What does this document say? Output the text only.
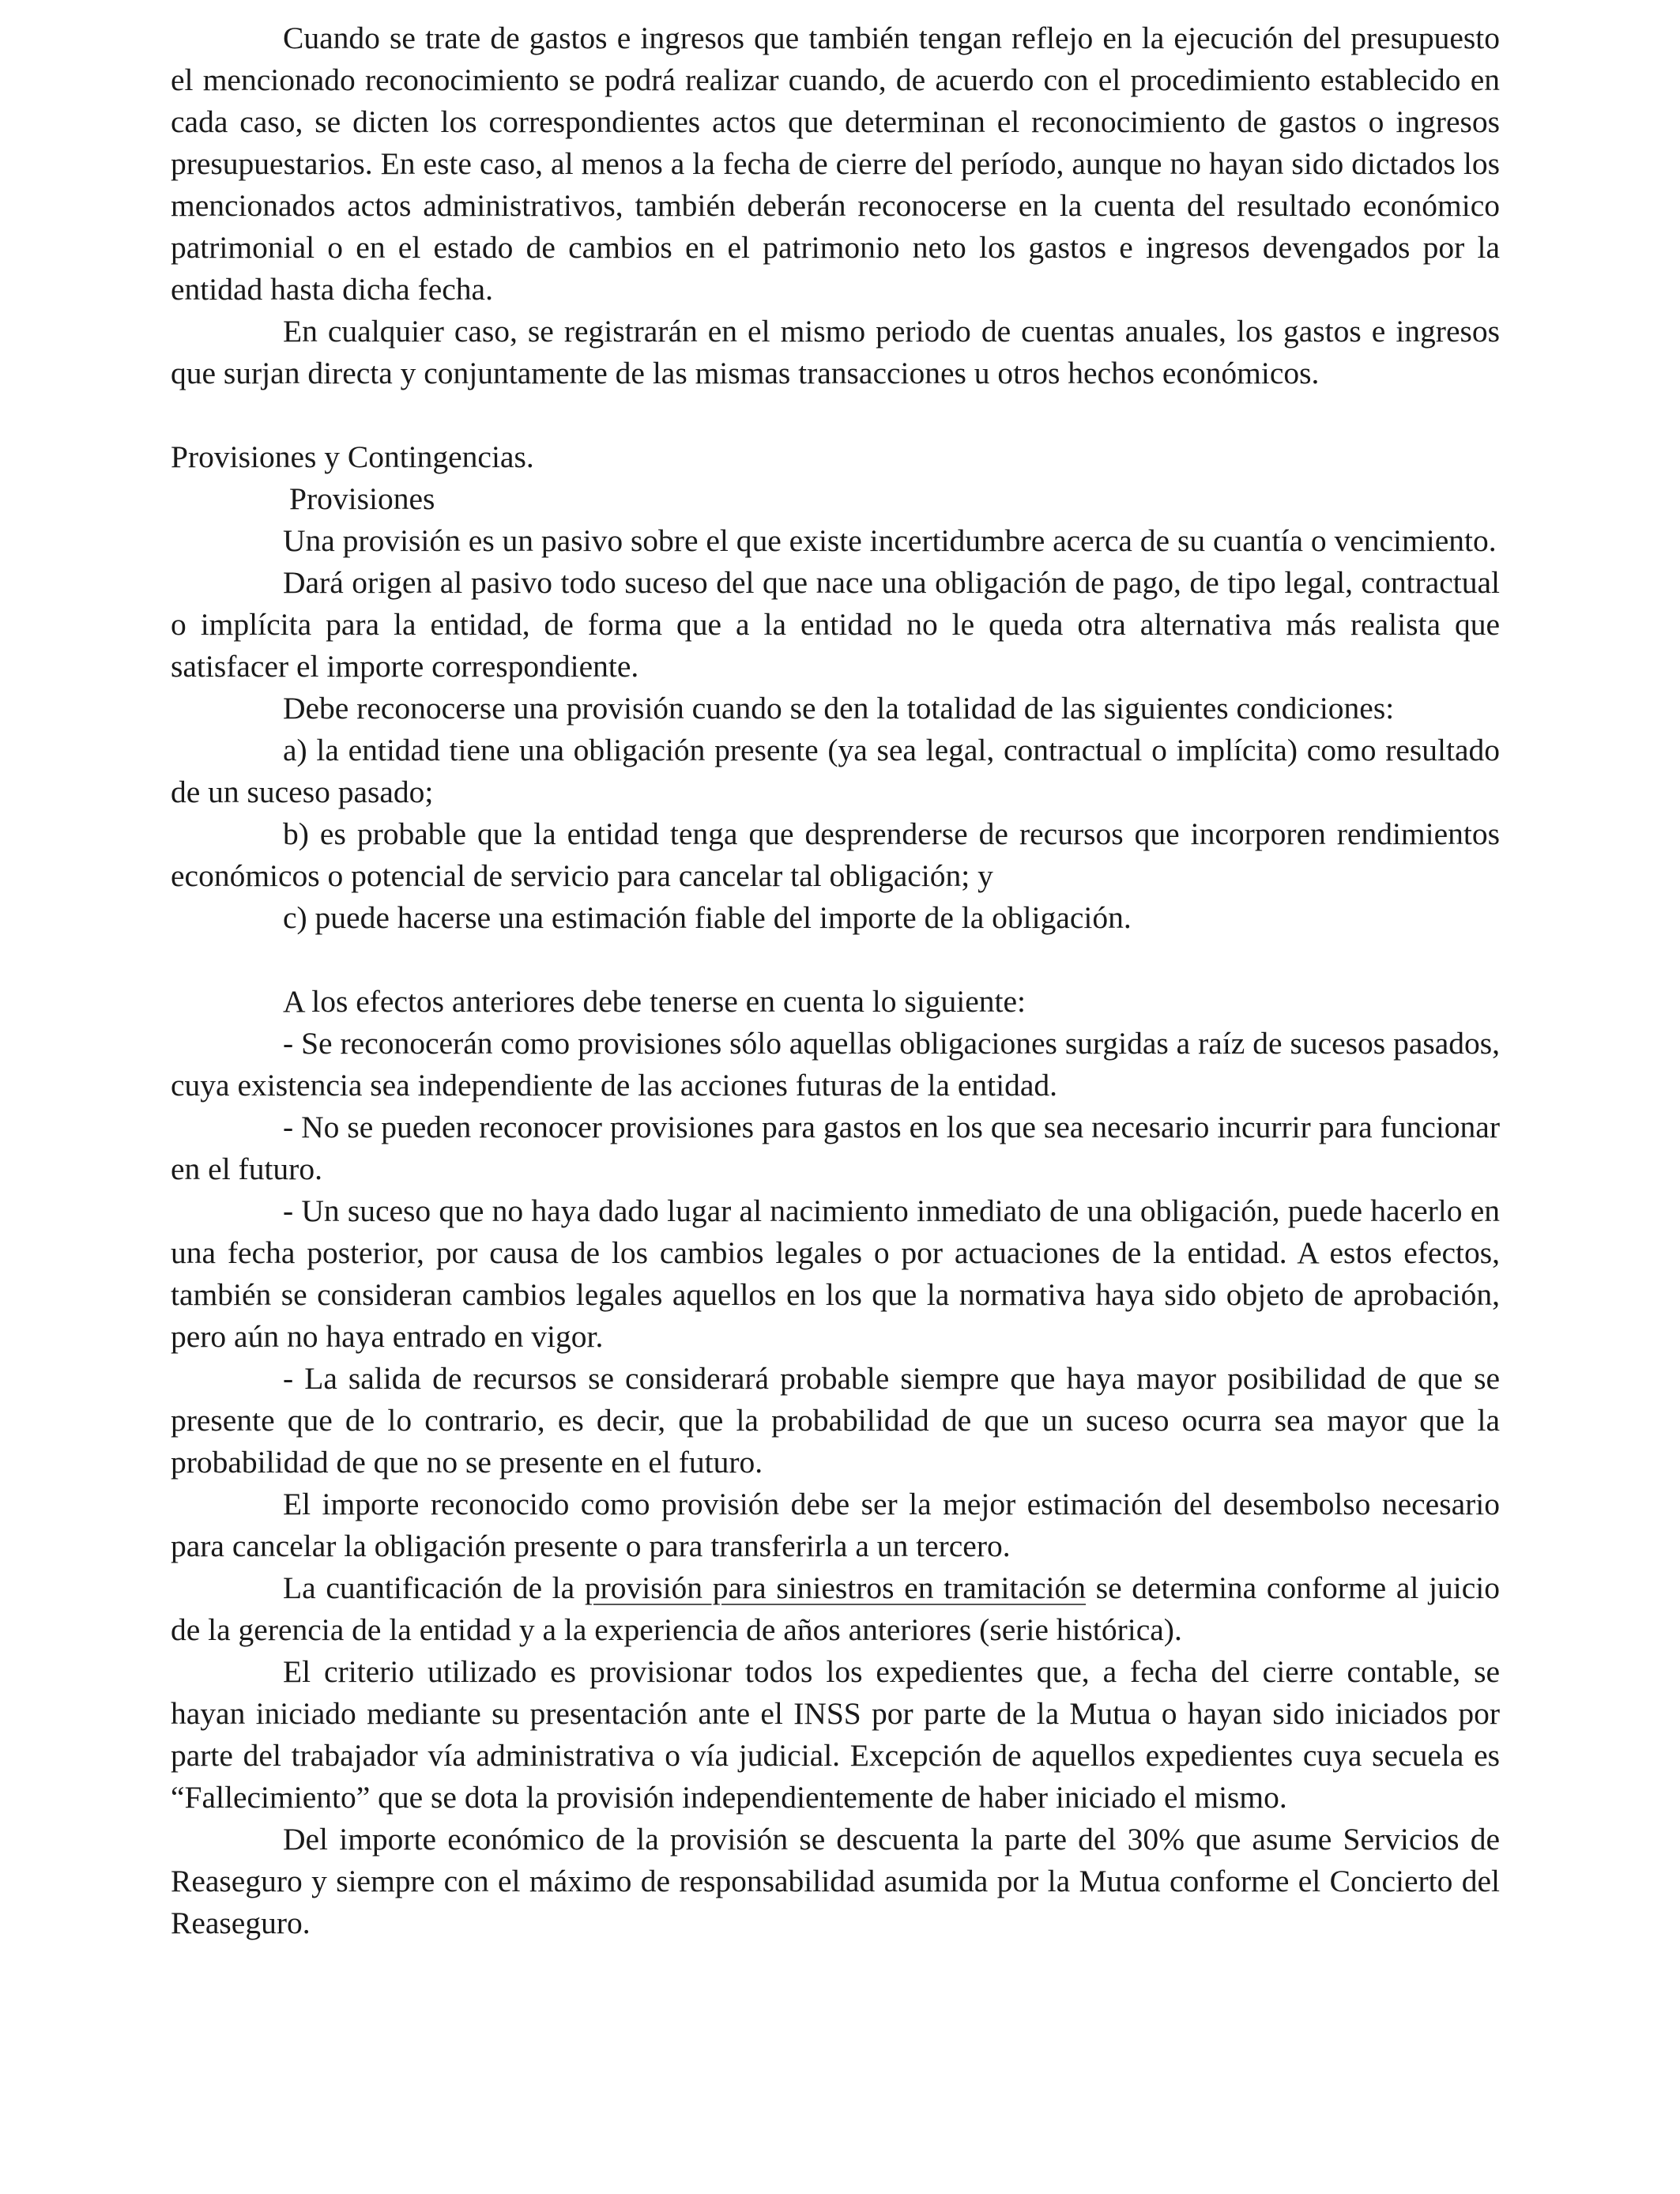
Cuando se trate de gastos e ingresos que también tengan reflejo en la ejecución del presupuesto el mencionado reconocimiento se podrá realizar cuando, de acuerdo con el procedimiento establecido en cada caso, se dicten los correspondientes actos que determinan el reconocimiento de gastos o ingresos presupuestarios. En este caso, al menos a la fecha de cierre del período, aunque no hayan sido dictados los mencionados actos administrativos, también deberán reconocerse en la cuenta del resultado económico patrimonial o en el estado de cambios en el patrimonio neto los gastos e ingresos devengados por la entidad hasta dicha fecha.

En cualquier caso, se registrarán en el mismo periodo de cuentas anuales, los gastos e ingresos que surjan directa y conjuntamente de las mismas transacciones u otros hechos económicos.

Provisiones y Contingencias.

Provisiones

Una provisión es un pasivo sobre el que existe incertidumbre acerca de su cuantía o vencimiento.

Dará origen al pasivo todo suceso del que nace una obligación de pago, de tipo legal, contractual o implícita para la entidad, de forma que a la entidad no le queda otra alternativa más realista que satisfacer el importe correspondiente.

Debe reconocerse una provisión cuando se den la totalidad de las siguientes condiciones:

a) la entidad tiene una obligación presente (ya sea legal, contractual o implícita) como resultado de un suceso pasado;

b) es probable que la entidad tenga que desprenderse de recursos que incorporen rendimientos económicos o potencial de servicio para cancelar tal obligación; y

c) puede hacerse una estimación fiable del importe de la obligación.

A los efectos anteriores debe tenerse en cuenta lo siguiente:

- Se reconocerán como provisiones sólo aquellas obligaciones surgidas a raíz de sucesos pasados, cuya existencia sea independiente de las acciones futuras de la entidad.

- No se pueden reconocer provisiones para gastos en los que sea necesario incurrir para funcionar en el futuro.

- Un suceso que no haya dado lugar al nacimiento inmediato de una obligación, puede hacerlo en una fecha posterior, por causa de los cambios legales o por actuaciones de la entidad. A estos efectos, también se consideran cambios legales aquellos en los que la normativa haya sido objeto de aprobación, pero aún no haya entrado en vigor.

- La salida de recursos se considerará probable siempre que haya mayor posibilidad de que se presente que de lo contrario, es decir, que la probabilidad de que un suceso ocurra sea mayor que la probabilidad de que no se presente en el futuro.

El importe reconocido como provisión debe ser la mejor estimación del desembolso necesario para cancelar la obligación presente o para transferirla a un tercero.

La cuantificación de la provisión para siniestros en tramitación se determina conforme al juicio de la gerencia de la entidad y a la experiencia de años anteriores (serie histórica).

El criterio utilizado es provisionar todos los expedientes que, a fecha del cierre contable, se hayan iniciado mediante su presentación ante el INSS por parte de la Mutua o hayan sido iniciados por parte del trabajador vía administrativa o vía judicial. Excepción de aquellos expedientes cuya secuela es “Fallecimiento” que se dota la provisión independientemente de haber iniciado el mismo.

Del importe económico de la provisión se descuenta la parte del 30% que asume Servicios de Reaseguro y siempre con el máximo de responsabilidad asumida por la Mutua conforme el Concierto del Reaseguro.
